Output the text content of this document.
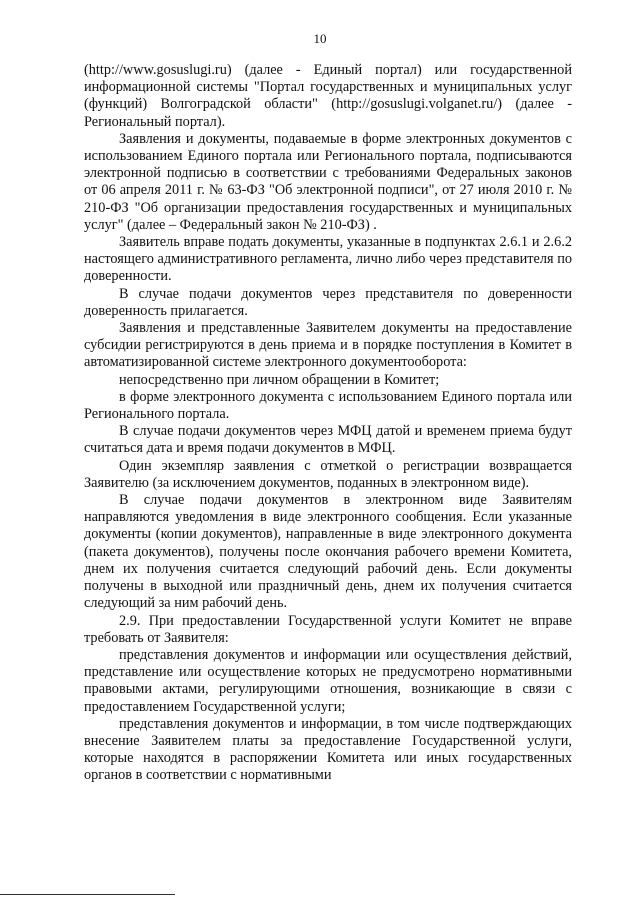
10

(http://www.gosuslugi.ru) (далее - Единый портал) или государственной информационной системы "Портал государственных и муниципальных услуг (функций) Волгоградской области" (http://gosuslugi.volganet.ru/) (далее - Региональный портал).

Заявления и документы, подаваемые в форме электронных документов с использованием Единого портала или Регионального портала, подписываются электронной подписью в соответствии с требованиями Федеральных законов от 06 апреля 2011 г. № 63-ФЗ "Об электронной подписи", от 27 июля 2010 г. № 210-ФЗ "Об организации предоставления государственных и муниципальных услуг" (далее – Федеральный закон № 210-ФЗ) .

Заявитель вправе подать документы, указанные в подпунктах 2.6.1 и 2.6.2 настоящего административного регламента, лично либо через представителя по доверенности.

В случае подачи документов через представителя по доверенности доверенность прилагается.

Заявления и представленные Заявителем документы на предоставление субсидии регистрируются в день приема и в порядке поступления в Комитет в автоматизированной системе электронного документооборота:

непосредственно при личном обращении в Комитет;

в форме электронного документа с использованием Единого портала или Регионального портала.

В случае подачи документов через МФЦ датой и временем приема будут считаться дата и время подачи документов в МФЦ.

Один экземпляр заявления с отметкой о регистрации возвращается Заявителю (за исключением документов, поданных в электронном виде).

В случае подачи документов в электронном виде Заявителям направляются уведомления в виде электронного сообщения. Если указанные документы (копии документов), направленные в виде электронного документа (пакета документов), получены после окончания рабочего времени Комитета, днем их получения считается следующий рабочий день. Если документы получены в выходной или праздничный день, днем их получения считается следующий за ним рабочий день.

2.9. При предоставлении Государственной услуги Комитет не вправе требовать от Заявителя:

представления документов и информации или осуществления действий, представление или осуществление которых не предусмотрено нормативными правовыми актами, регулирующими отношения, возникающие в связи с предоставлением Государственной услуги;

представления документов и информации, в том числе подтверждающих внесение Заявителем платы за предоставление Государственной услуги, которые находятся в распоряжении Комитета или иных государственных органов в соответствии с нормативными
